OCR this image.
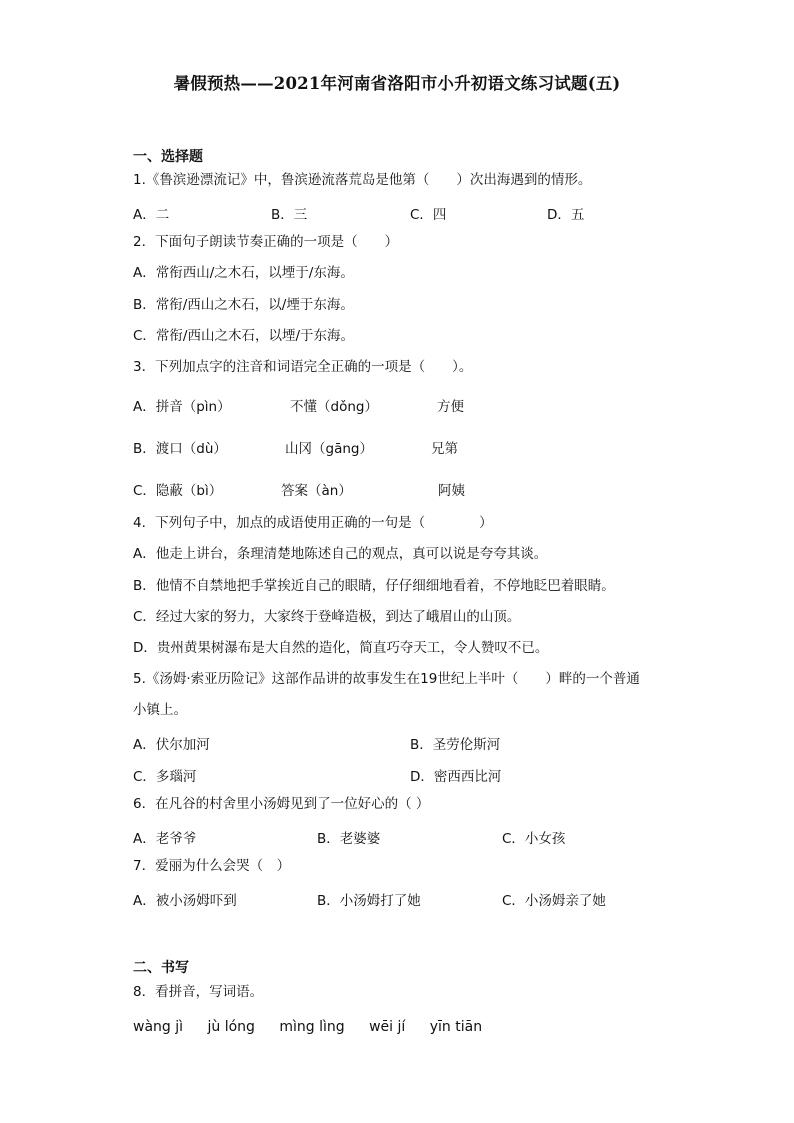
暑假预热——2021年河南省洛阳市小升初语文练习试题(五)
一、选择题
1.《鲁滨逊漂流记》中，鲁滨逊流落荒岛是他第（　　）次出海遇到的情形。
A．二	B．三	C．四	D．五
2．下面句子朗读节奏正确的一项是（　　）
A．常衔西山/之木石，以堙于/东海。
B．常衔/西山之木石，以/堙于东海。
C．常衔/西山之木石，以堙/于东海。
3．下列加点字的注音和词语完全正确的一项是（　　）。
A．拼音（pìn）	不懂（dǒng）	方便
B．渡口（dù）	山冈（gāng）	兄第
C．隐蔽（bì）	答案（àn）	阿姨
4．下列句子中，加点的成语使用正确的一句是（　　　　）
A．他走上讲台，条理清楚地陈述自己的观点，真可以说是夸夸其谈。
B．他情不自禁地把手掌挨近自己的眼睛，仔仔细细地看着，不停地眨巴着眼睛。
C．经过大家的努力，大家终于登峰造极，到达了峨眉山的山顶。
D．贵州黄果树瀑布是大自然的造化，简直巧夺天工，令人赞叹不已。
5.《汤姆·索亚历险记》这部作品讲的故事发生在19世纪上半叶（　　）畔的一个普通
小镇上。
A．伏尔加河	B．圣劳伦斯河
C．多瑙河	D．密西西比河
6．在凡谷的村舍里小汤姆见到了一位好心的（ ）
A．老爷爷	B．老婆婆	C．小女孩
7．爱丽为什么会哭（　）
A．被小汤姆吓到	B．小汤姆打了她	C．小汤姆亲了她
二、书写
8．看拼音，写词语。
wàng jì jù lóng mìng lìng wēi jí yīn tiān
